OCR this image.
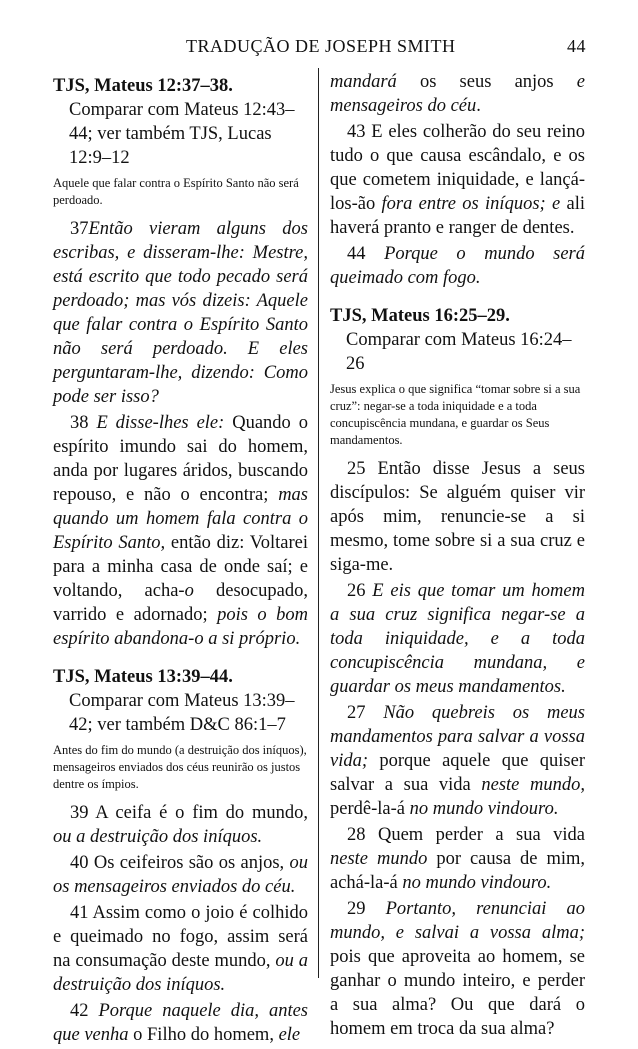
TRADUÇÃO DE JOSEPH SMITH	44
TJS, Mateus 12:37–38.
Comparar com Mateus 12:43–44; ver também TJS, Lucas 12:9–12
Aquele que falar contra o Espírito Santo não será perdoado.

37Então vieram alguns dos escribas, e disseram-lhe: Mestre, está escrito que todo pecado será perdoado; mas vós dizeis: Aquele que falar contra o Espírito Santo não será perdoado. E eles perguntaram-lhe, dizendo: Como pode ser isso?

38 E disse-lhes ele: Quando o espírito imundo sai do homem, anda por lugares áridos, buscando repouso, e não o encontra; mas quando um homem fala contra o Espírito Santo, então diz: Voltarei para a minha casa de onde saí; e voltando, acha-o desocupado, varrido e adornado; pois o bom espírito abandona-o a si próprio.

TJS, Mateus 13:39–44.
Comparar com Mateus 13:39–42; ver também D&C 86:1–7
Antes do fim do mundo (a destruição dos iníquos), mensageiros enviados dos céus reunirão os justos dentre os ímpios.

39 A ceifa é o fim do mundo, ou a destruição dos iníquos.

40 Os ceifeiros são os anjos, ou os mensageiros enviados do céu.

41 Assim como o joio é colhido e queimado no fogo, assim será na consumação deste mundo, ou a destruição dos iníquos.

42 Porque naquele dia, antes que venha o Filho do homem, ele

mandará os seus anjos e mensageiros do céu.

43 E eles colherão do seu reino tudo o que causa escândalo, e os que cometem iniquidade, e lançá-los-ão fora entre os iníquos; e ali haverá pranto e ranger de dentes.

44 Porque o mundo será queimado com fogo.

TJS, Mateus 16:25–29.
Comparar com Mateus 16:24–26
Jesus explica o que significa “tomar sobre si a sua cruz”: negar-se a toda iniquidade e a toda concupiscência mundana, e guardar os Seus mandamentos.

25 Então disse Jesus a seus discípulos: Se alguém quiser vir após mim, renuncie-se a si mesmo, tome sobre si a sua cruz e siga-me.

26 E eis que tomar um homem a sua cruz significa negar-se a toda iniquidade, e a toda concupiscência mundana, e guardar os meus mandamentos.

27 Não quebreis os meus mandamentos para salvar a vossa vida; porque aquele que quiser salvar a sua vida neste mundo, perdê-la-á no mundo vindouro.

28 Quem perder a sua vida neste mundo por causa de mim, achá-la-á no mundo vindouro.

29 Portanto, renunciai ao mundo, e salvai a vossa alma; pois que aproveita ao homem, se ganhar o mundo inteiro, e perder a sua alma? Ou que dará o homem em troca da sua alma?
